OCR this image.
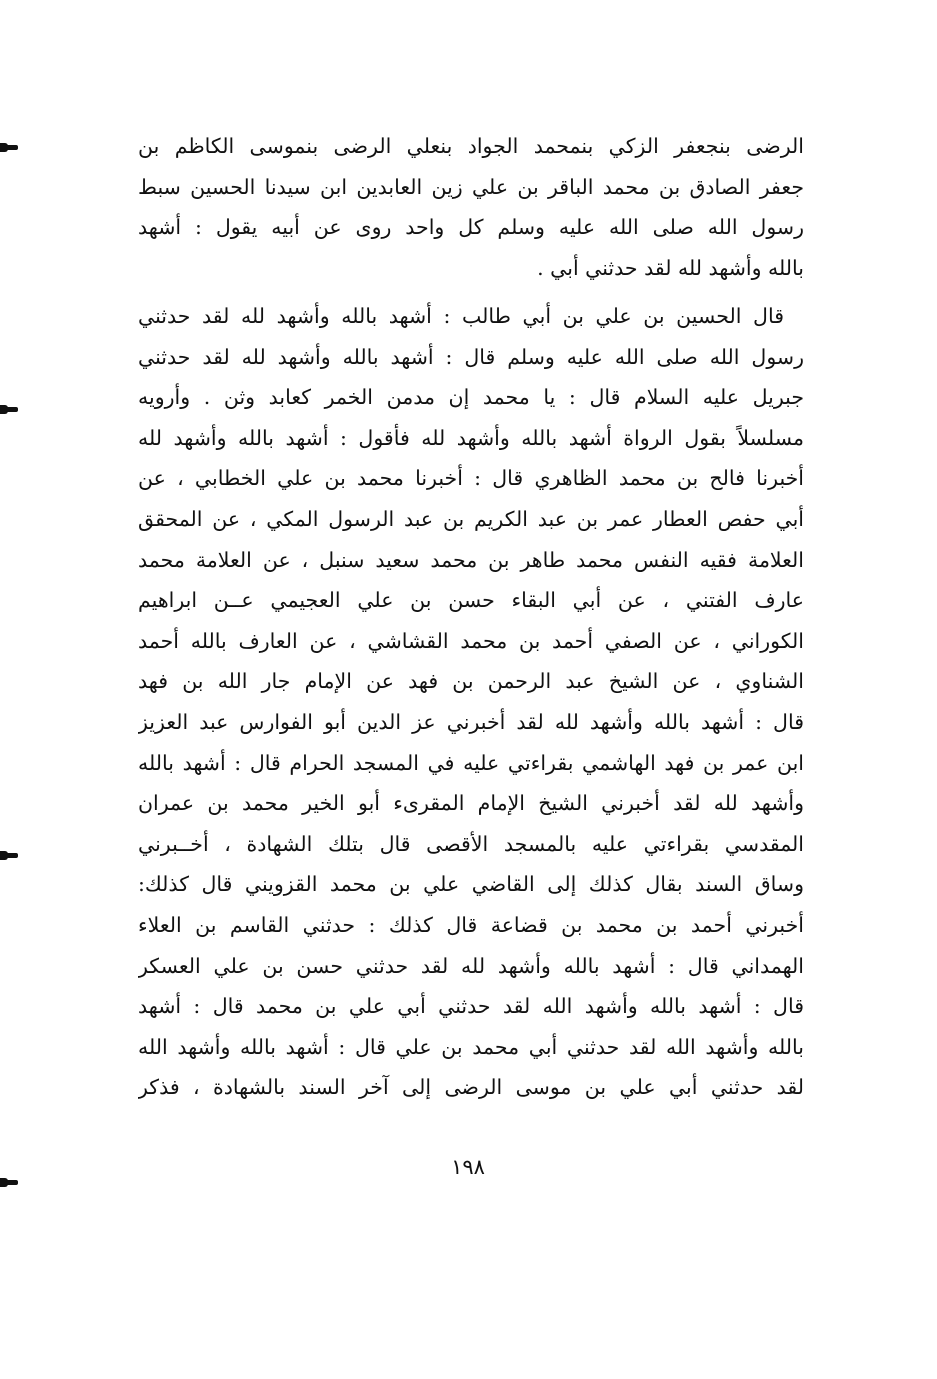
الرضى بنجعفر الزكي بنمحمد الجواد بنعلي الرضى بنموسى الكاظم بن
جعفر الصادق بن محمد الباقر بن علي زين العابدين ابن سيدنا الحسين سبط
رسول الله صلى الله عليه وسلم كل واحد روى عن أبيه يقول : أشهد
بالله وأشهد لله لقد حدثني أبي .
قال الحسين بن علي بن أبي طالب : أشهد بالله وأشهد لله لقد حدثني
رسول الله صلى الله عليه وسلم قال : أشهد بالله وأشهد لله لقد حدثني
جبريل عليه السلام قال : يا محمد إن مدمن الخمر كعابد وثن . وأرويه
مسلسلاً بقول الرواة أشهد بالله وأشهد لله فأقول : أشهد بالله وأشهد لله
أخبرنا فالح بن محمد الظاهري قال : أخبرنا محمد بن علي الخطابي ، عن
أبي حفص العطار عمر بن عبد الكريم بن عبد الرسول المكي ، عن المحقق
العلامة فقيه النفس محمد طاهر بن محمد سعيد سنبل ، عن العلامة محمد
عارف الفتني ، عن أبي البقاء حسن بن علي العجيمي عــن ابراهيم
الكوراني ، عن الصفي أحمد بن محمد القشاشي ، عن العارف بالله أحمد
الشناوي ، عن الشيخ عبد الرحمن بن فهد عن الإمام جار الله بن فهد
قال : أشهد بالله وأشهد لله لقد أخبرني عز الدين أبو الفوارس عبد العزيز
ابن عمر بن فهد الهاشمي بقراءتي عليه في المسجد الحرام قال : أشهد بالله
وأشهد لله لقد أخبرني الشيخ الإمام المقرىء أبو الخير محمد بن عمران
المقدسي بقراءتي عليه بالمسجد الأقصى قال بتلك الشهادة ، أخــبرني
وساق السند بقال كذلك إلى القاضي علي بن محمد القزويني قال كذلك:
أخبرني أحمد بن محمد بن قضاعة قال كذلك : حدثني القاسم بن العلاء
الهمداني قال : أشهد بالله وأشهد لله لقد حدثني حسن بن علي العسكر
قال : أشهد بالله وأشهد الله لقد حدثني أبي علي بن محمد قال : أشهد
بالله وأشهد الله لقد حدثني أبي محمد بن علي قال : أشهد بالله وأشهد الله
لقد حدثني أبي علي بن موسى الرضى إلى آخر السند بالشهادة ، فذكر
١٩٨
